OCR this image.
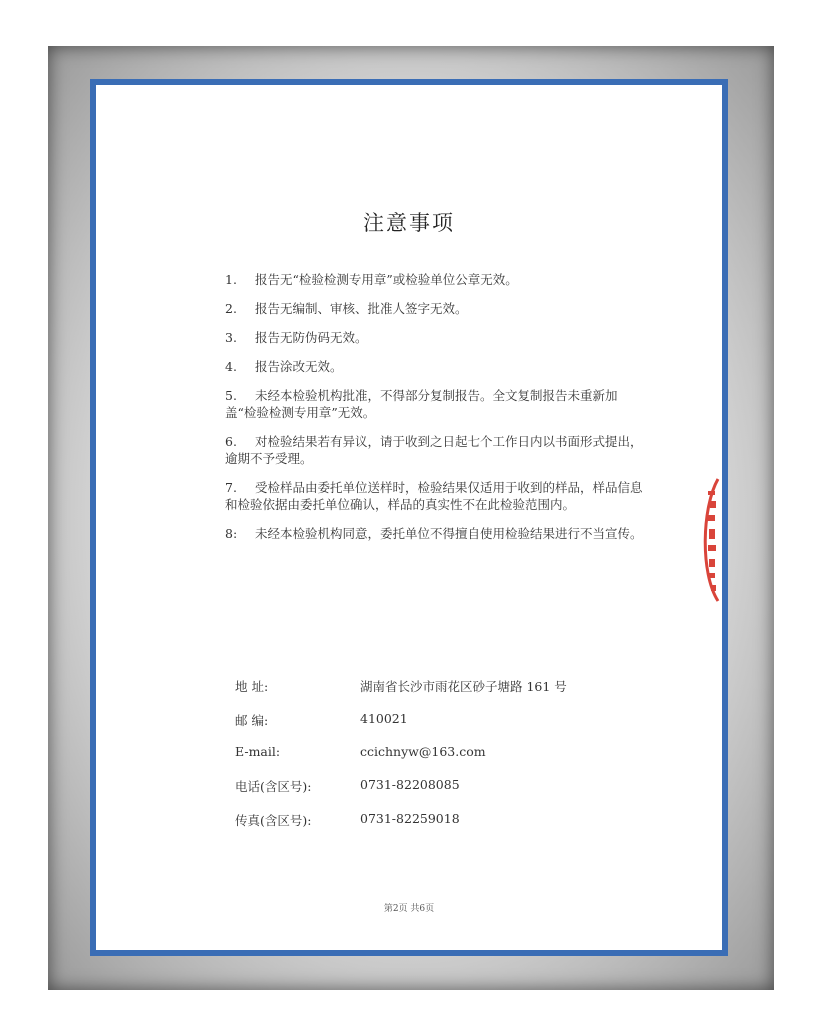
注意事项
1. 报告无“检验检测专用章”或检验单位公章无效。
2. 报告无编制、审核、批准人签字无效。
3. 报告无防伪码无效。
4. 报告涂改无效。
5. 未经本检验机构批准，不得部分复制报告。全文复制报告未重新加盖“检验检测专用章”无效。
6. 对检验结果若有异议，请于收到之日起七个工作日内以书面形式提出，逾期不予受理。
7. 受检样品由委托单位送样时，检验结果仅适用于收到的样品，样品信息和检验依据由委托单位确认，样品的真实性不在此检验范围内。
8: 未经本检验机构同意，委托单位不得擅自使用检验结果进行不当宣传。
地 址:	湖南省长沙市雨花区砂子塘路 161 号
邮 编:	410021
E-mail:	ccichnyw@163.com
电话(含区号):	0731-82208085
传真(含区号):	0731-82259018
第2页 共6页
